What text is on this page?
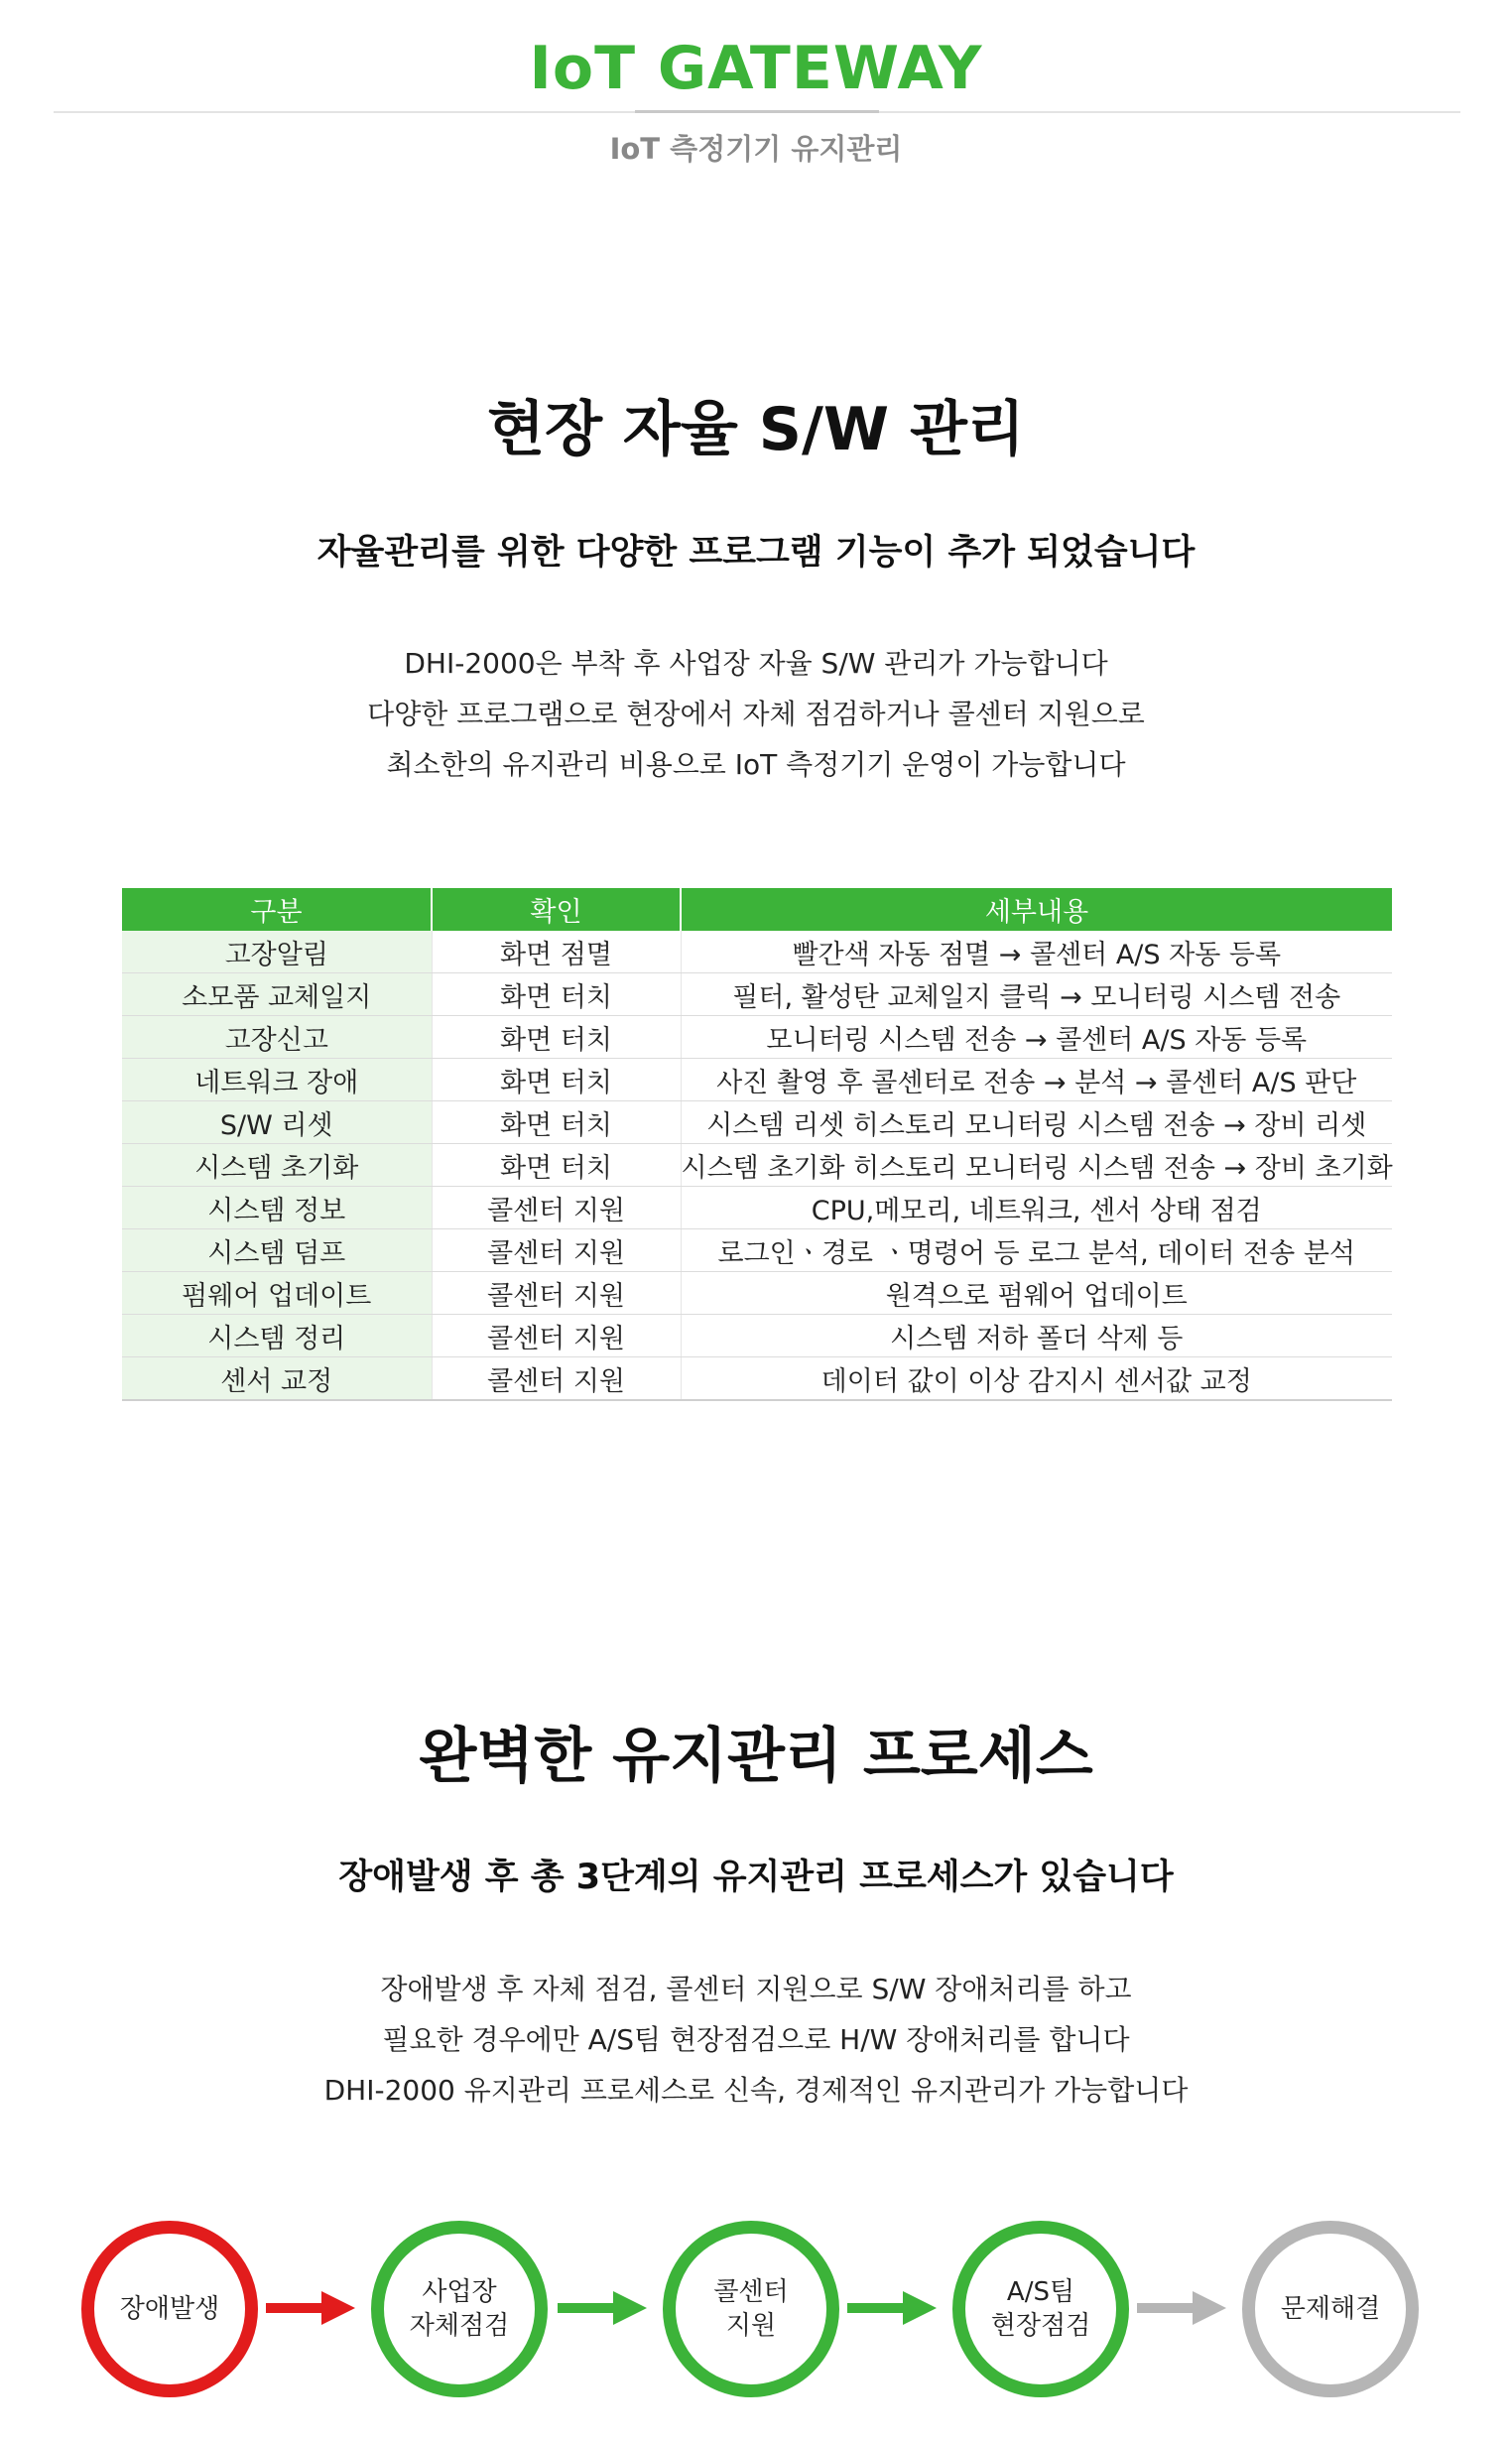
IoT GATEWAY
IoT 측정기기 유지관리
현장 자율 S/W 관리
자율관리를 위한 다양한 프로그램 기능이 추가 되었습니다
DHI-2000은 부착 후 사업장 자율 S/W 관리가 가능합니다
다양한 프로그램으로 현장에서 자체 점검하거나 콜센터 지원으로
최소한의 유지관리 비용으로 IoT 측정기기 운영이 가능합니다
구분	확인	세부내용
고장알림	화면 점멸	빨간색 자동 점멸 → 콜센터 A/S 자동 등록
소모품 교체일지	화면 터치	필터, 활성탄 교체일지 클릭 → 모니터링 시스템 전송
고장신고	화면 터치	모니터링 시스템 전송 → 콜센터 A/S 자동 등록
네트워크 장애	화면 터치	사진 촬영 후 콜센터로 전송 → 분석 → 콜센터 A/S 판단
S/W 리셋	화면 터치	시스템 리셋 히스토리 모니터링 시스템 전송 → 장비 리셋
시스템 초기화	화면 터치	시스템 초기화 히스토리 모니터링 시스템 전송 → 장비 초기화
시스템 정보	콜센터 지원	CPU,메모리, 네트워크, 센서 상태 점검
시스템 덤프	콜센터 지원	로그인ㆍ경로 ㆍ명령어 등 로그 분석, 데이터 전송 분석
펌웨어 업데이트	콜센터 지원	원격으로 펌웨어 업데이트
시스템 정리	콜센터 지원	시스템 저하 폴더 삭제 등
센서 교정	콜센터 지원	데이터 값이 이상 감지시 센서값 교정
완벽한 유지관리 프로세스
장애발생 후 총 3단계의 유지관리 프로세스가 있습니다
장애발생 후 자체 점검, 콜센터 지원으로 S/W 장애처리를 하고
필요한 경우에만 A/S팀 현장점검으로 H/W 장애처리를 합니다
DHI-2000 유지관리 프로세스로 신속, 경제적인 유지관리가 가능합니다
장애발생
사업장
자체점검
콜센터
지원
A/S팀
현장점검
문제해결
